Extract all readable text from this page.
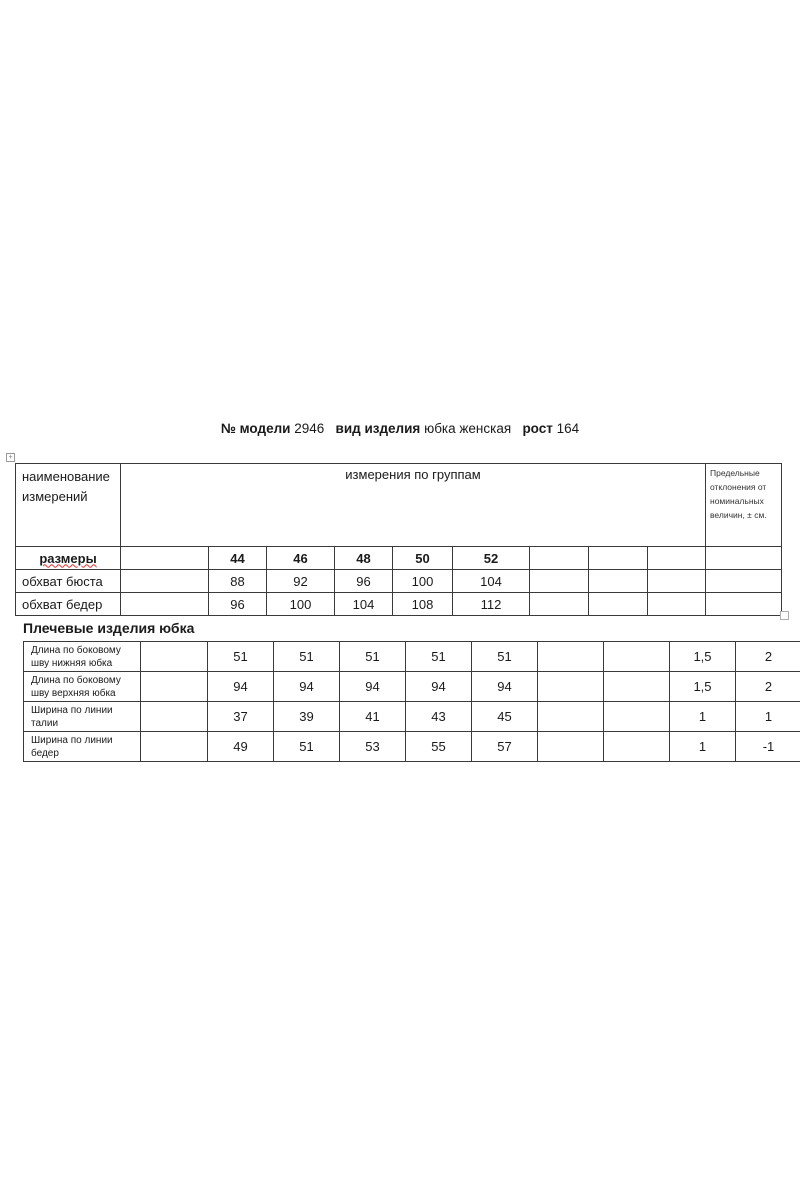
№ модели 2946 вид изделия юбка женская рост 164
+
наименование измерений	измерения по группам									Предельные отклонения от номинальных величин, ± см.
размеры		44	46	48	50	52				
обхват бюста		88	92	96	100	104				
обхват бедер		96	100	104	108	112				
Плечевые изделия юбка
Длина по боковому шву нижняя юбка		51	51	51	51	51			1,5	2
Длина по боковому шву верхняя юбка		94	94	94	94	94			1,5	2
Ширина по линии талии		37	39	41	43	45			1	1
Ширина по линии бедер		49	51	53	55	57			1	-1
